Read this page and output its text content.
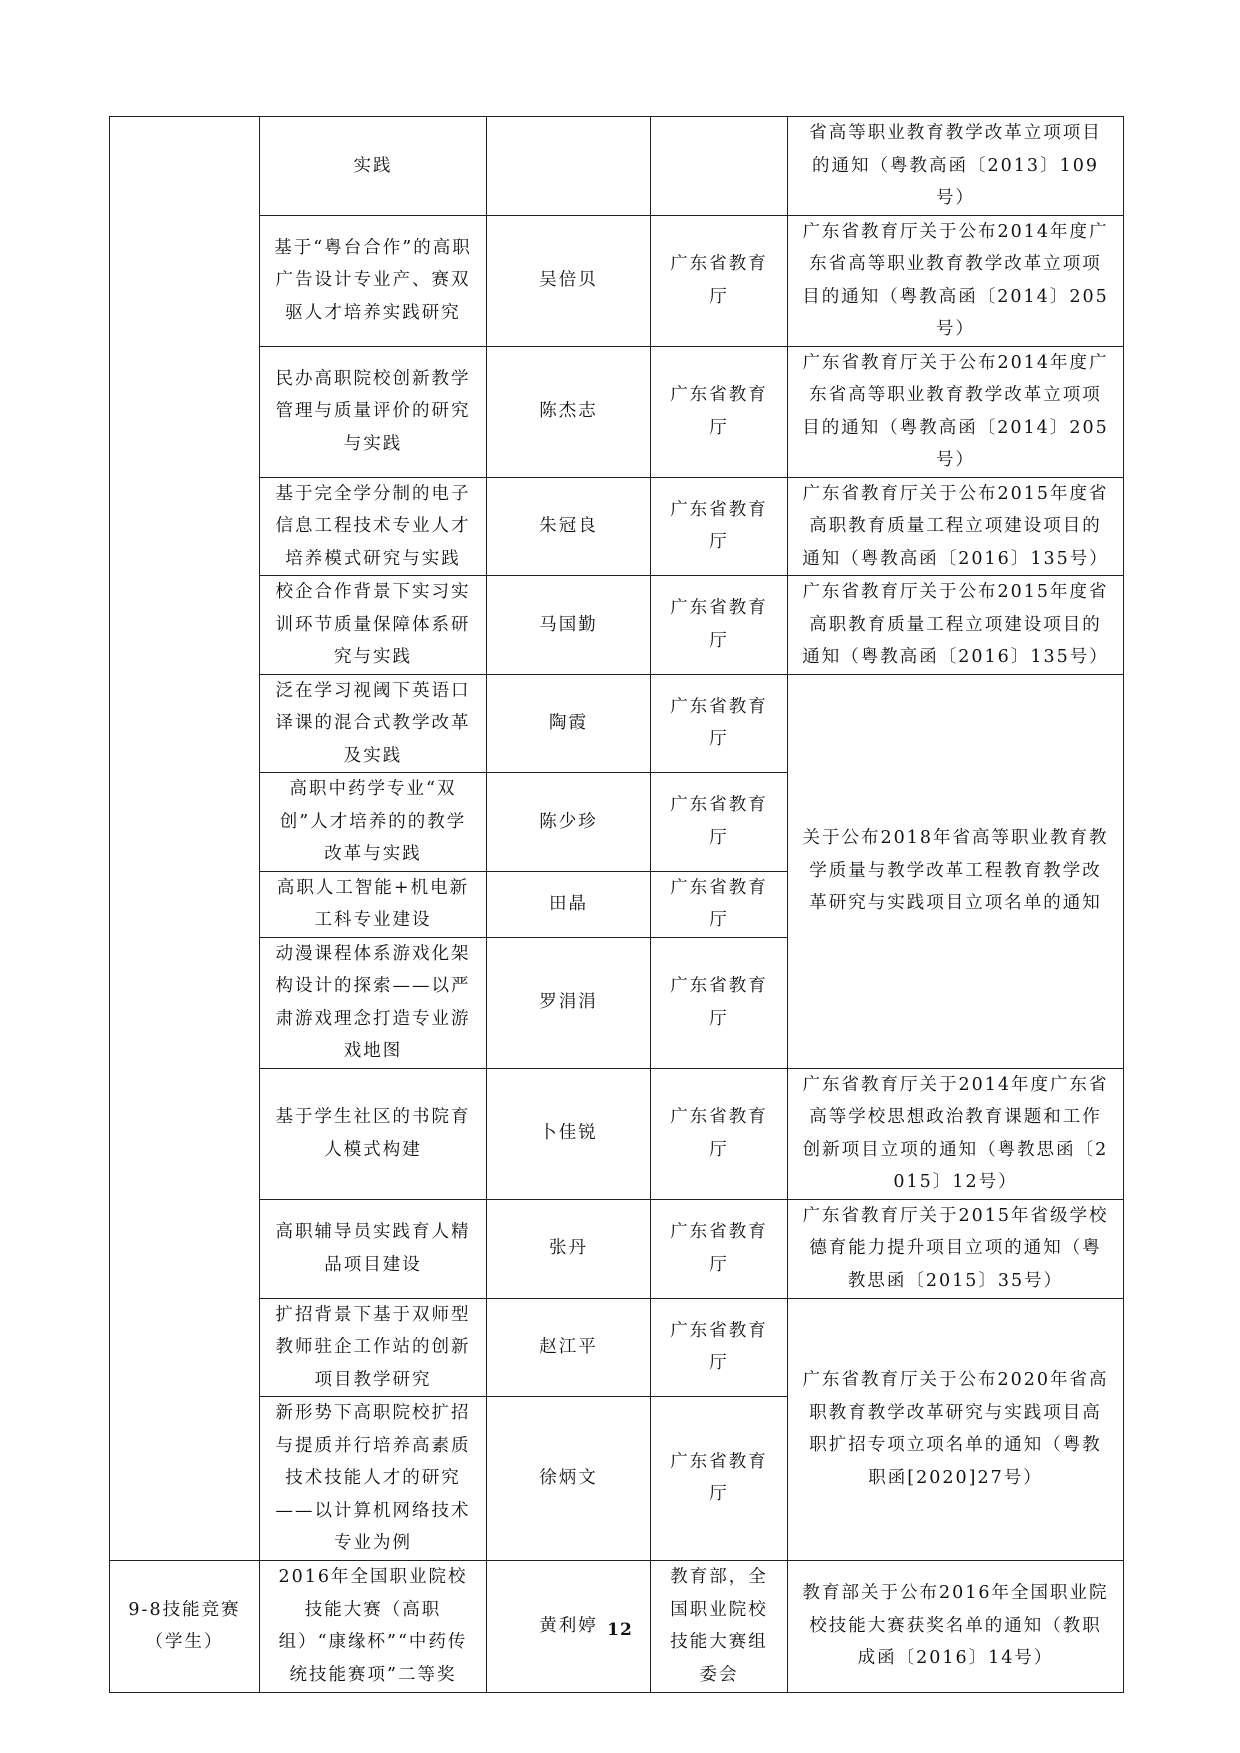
	实践			省高等职业教育教学改革立项项目的通知（粤教高函〔2013〕109号）
	基于“粤台合作”的高职广告设计专业产、赛双驱人才培养实践研究	吴倍贝	广东省教育厅	广东省教育厅关于公布2014年度广东省高等职业教育教学改革立项项目的通知（粤教高函〔2014〕205号）
	民办高职院校创新教学管理与质量评价的研究与实践	陈杰志	广东省教育厅	广东省教育厅关于公布2014年度广东省高等职业教育教学改革立项项目的通知（粤教高函〔2014〕205号）
	基于完全学分制的电子信息工程技术专业人才培养模式研究与实践	朱冠良	广东省教育厅	广东省教育厅关于公布2015年度省高职教育质量工程立项建设项目的通知（粤教高函〔2016〕135号）
	校企合作背景下实习实训环节质量保障体系研究与实践	马国勤	广东省教育厅	广东省教育厅关于公布2015年度省高职教育质量工程立项建设项目的通知（粤教高函〔2016〕135号）
	泛在学习视阈下英语口译课的混合式教学改革及实践	陶霞	广东省教育厅	关于公布2018年省高等职业教育教学质量与教学改革工程教育教学改革研究与实践项目立项名单的通知
	高职中药学专业“双创”人才培养的的教学改革与实践	陈少珍	广东省教育厅	
	高职人工智能+机电新工科专业建设	田晶	广东省教育厅	
	动漫课程体系游戏化架构设计的探索——以严肃游戏理念打造专业游戏地图	罗涓涓	广东省教育厅	
	基于学生社区的书院育人模式构建	卜佳锐	广东省教育厅	广东省教育厅关于2014年度广东省高等学校思想政治教育课题和工作创新项目立项的通知（粤教思函〔2015〕12号）
	高职辅导员实践育人精品项目建设	张丹	广东省教育厅	广东省教育厅关于2015年省级学校德育能力提升项目立项的通知（粤教思函〔2015〕35号）
	扩招背景下基于双师型教师驻企工作站的创新项目教学研究	赵江平	广东省教育厅	广东省教育厅关于公布2020年省高职教育教学改革研究与实践项目高职扩招专项立项名单的通知（粤教职函[2020]27号）
	新形势下高职院校扩招与提质并行培养高素质技术技能人才的研究——以计算机网络技术专业为例	徐炳文	广东省教育厅	
9-8技能竞赛（学生）	2016年全国职业院校技能大赛（高职组）“康缘杯”“中药传统技能赛项”二等奖	黄利婷	教育部，全国职业院校技能大赛组委会	教育部关于公布2016年全国职业院校技能大赛获奖名单的通知（教职成函〔2016〕14号）
12
